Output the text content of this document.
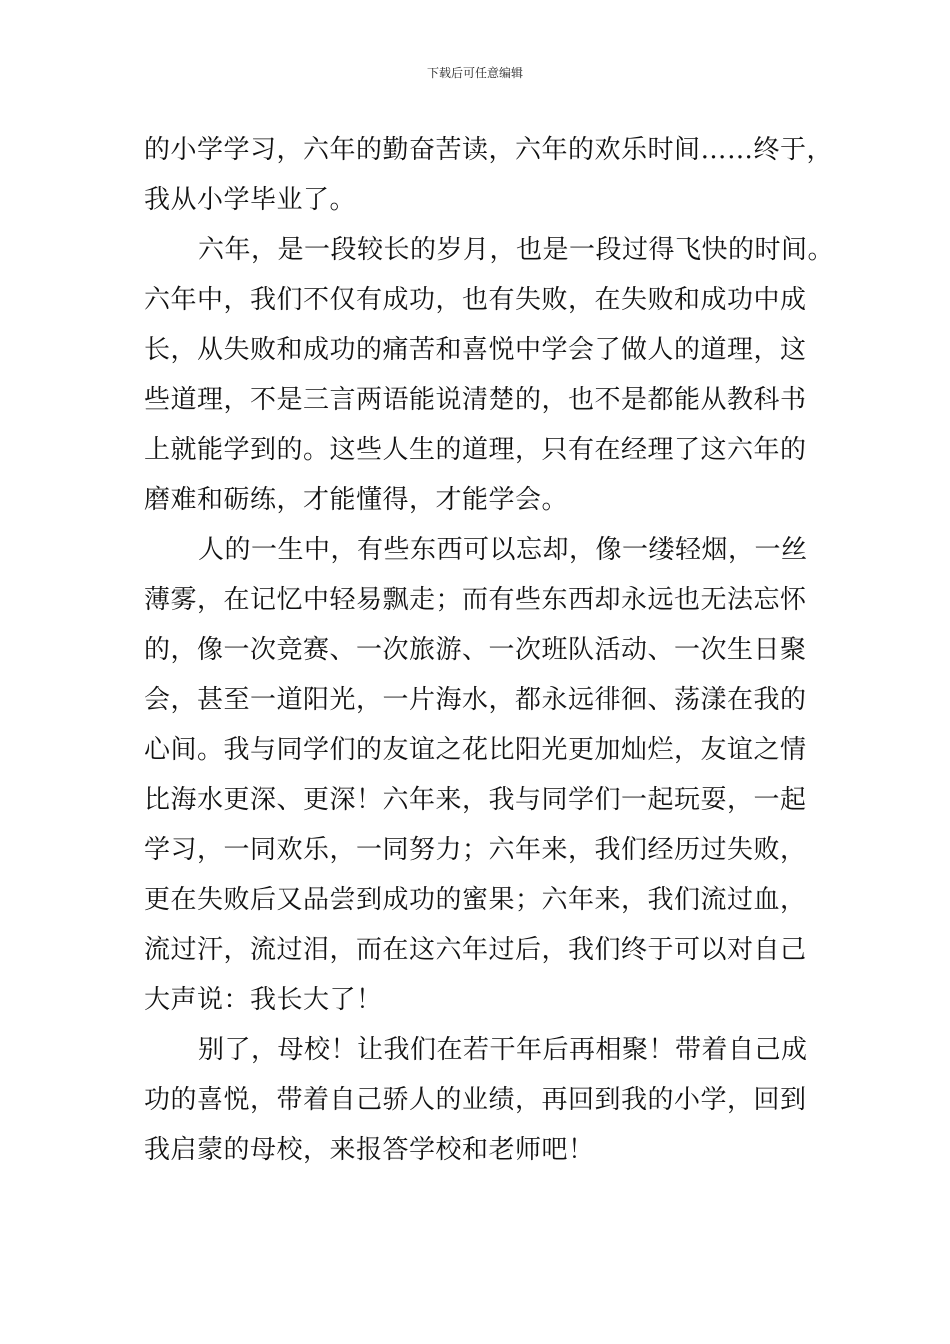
下载后可任意编辑

的小学学习，六年的勤奋苦读，六年的欢乐时间……终于，
我从小学毕业了。

六年，是一段较长的岁月，也是一段过得飞快的时间。
六年中，我们不仅有成功，也有失败，在失败和成功中成
长，从失败和成功的痛苦和喜悦中学会了做人的道理，这
些道理，不是三言两语能说清楚的，也不是都能从教科书
上就能学到的。这些人生的道理，只有在经理了这六年的
磨难和砺练，才能懂得，才能学会。

人的一生中，有些东西可以忘却，像一缕轻烟，一丝
薄雾，在记忆中轻易飘走；而有些东西却永远也无法忘怀
的，像一次竞赛、一次旅游、一次班队活动、一次生日聚
会，甚至一道阳光，一片海水，都永远徘徊、荡漾在我的
心间。我与同学们的友谊之花比阳光更加灿烂，友谊之情
比海水更深、更深！六年来，我与同学们一起玩耍，一起
学习，一同欢乐，一同努力；六年来，我们经历过失败，
更在失败后又品尝到成功的蜜果；六年来，我们流过血，
流过汗，流过泪，而在这六年过后，我们终于可以对自己
大声说：我长大了！

别了，母校！让我们在若干年后再相聚！带着自己成
功的喜悦，带着自己骄人的业绩，再回到我的小学，回到
我启蒙的母校，来报答学校和老师吧！
